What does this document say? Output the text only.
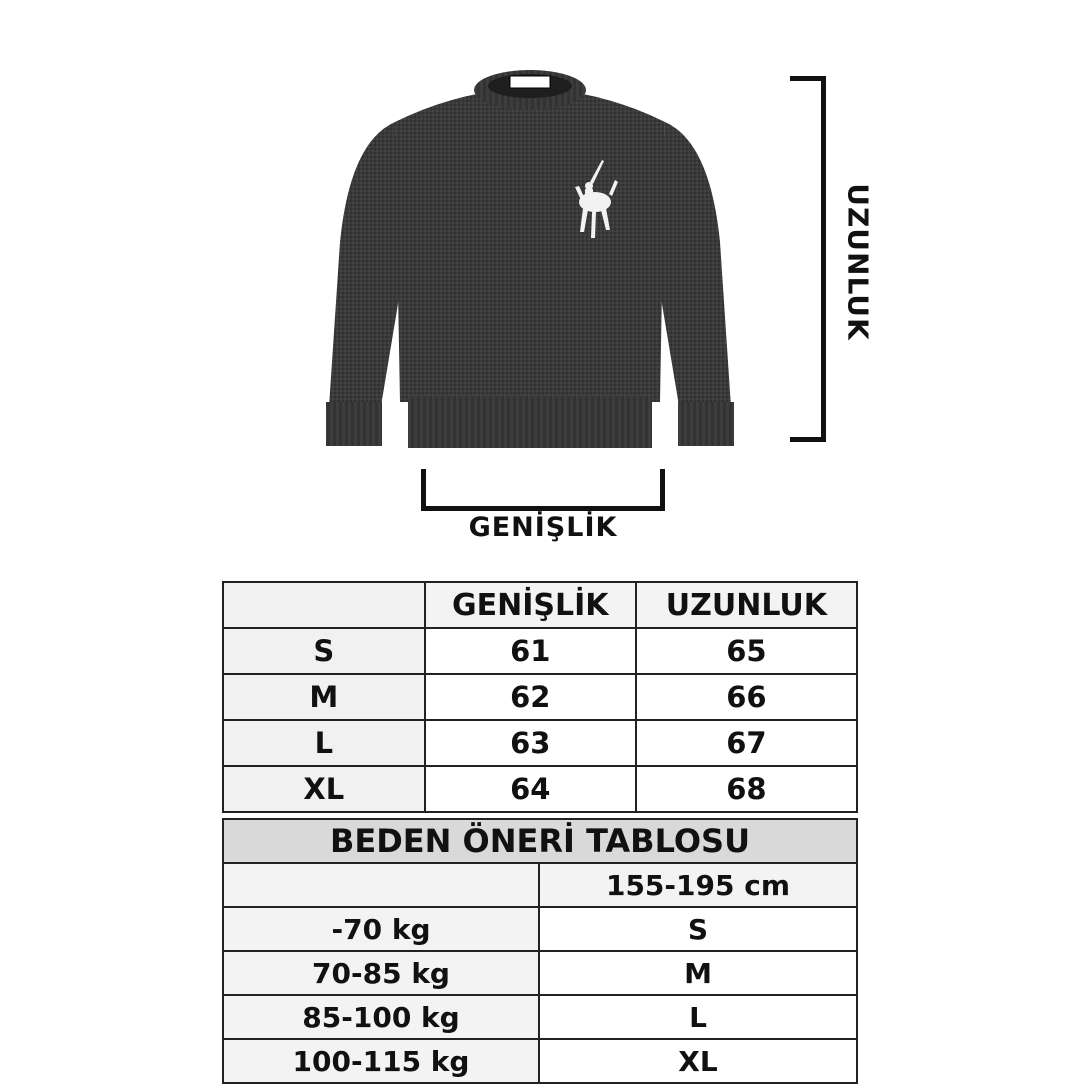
UZUNLUK
GENİŞLİK
	GENİŞLİK	UZUNLUK
S	61	65
M	62	66
L	63	67
XL	64	68
BEDEN ÖNERİ TABLOSU	
	155-195 cm
-70 kg	S
70-85 kg	M
85-100 kg	L
100-115 kg	XL
